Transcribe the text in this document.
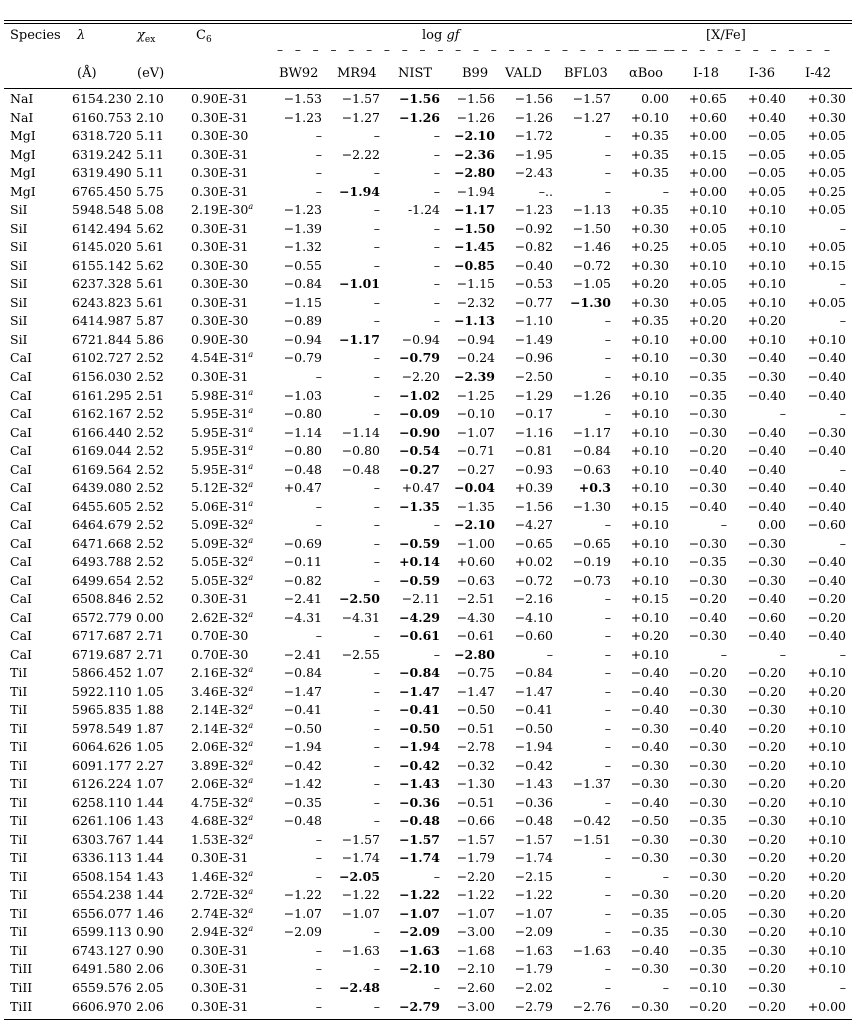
Species λ	$\chi_{ex}$	$C_6$	log gf	[X/Fe]
– – – – – – – – – – – – – – – – – – – – – – –
– – – – – – – – – – – –
(Å)	(eV)	BW92 MR94 NIST B99 VALD BFL03 αBoo I-18 I-36 I-42
NaI	6154.230	2.10	0.90E-31	−1.53	−1.57	−1.56	−1.56	−1.56	−1.57	0.00	+0.65	+0.40	+0.30
NaI	6160.753	2.10	0.30E-31	−1.23	−1.27	−1.26	−1.26	−1.26	−1.27	+0.10	+0.60	+0.40	+0.30
MgI	6318.720	5.11	0.30E-30	–	–	–	−2.10	−1.72	–	+0.35	+0.00	−0.05	+0.05
MgI	6319.242	5.11	0.30E-31	–	−2.22	–	−2.36	−1.95	–	+0.35	+0.15	−0.05	+0.05
MgI	6319.490	5.11	0.30E-31	–	–	–	−2.80	−2.43	–	+0.35	+0.00	−0.05	+0.05
MgI	6765.450	5.75	0.30E-31	–	−1.94	–	−1.94	–..	–	–	+0.00	+0.05	+0.25
SiI	5948.548	5.08	$2.19E-30^a$	−1.23	–	-1.24	−1.17	−1.23	−1.13	+0.35	+0.10	+0.10	+0.05
SiI	6142.494	5.62	0.30E-31	−1.39	–	–	−1.50	−0.92	−1.50	+0.30	+0.05	+0.10	–
SiI	6145.020	5.61	0.30E-31	−1.32	–	–	−1.45	−0.82	−1.46	+0.25	+0.05	+0.10	+0.05
SiI	6155.142	5.62	0.30E-30	−0.55	–	–	−0.85	−0.40	−0.72	+0.30	+0.10	+0.10	+0.15
SiI	6237.328	5.61	0.30E-30	−0.84	−1.01	–	−1.15	−0.53	−1.05	+0.20	+0.05	+0.10	–
SiI	6243.823	5.61	0.30E-31	−1.15	–	–	−2.32	−0.77	−1.30	+0.30	+0.05	+0.10	+0.05
SiI	6414.987	5.87	0.30E-30	−0.89	–	–	−1.13	−1.10	–	+0.35	+0.20	+0.20	–
SiI	6721.844	5.86	0.90E-30	−0.94	−1.17	−0.94	−0.94	−1.49	–	+0.10	+0.00	+0.10	+0.10
CaI	6102.727	2.52	$4.54E-31^a$	−0.79	–	−0.79	−0.24	−0.96	–	+0.10	−0.30	−0.40	−0.40
CaI	6156.030	2.52	0.30E-31	–	–	−2.20	−2.39	−2.50	–	+0.10	−0.35	−0.30	−0.40
CaI	6161.295	2.51	$5.98E-31^a$	−1.03	–	−1.02	−1.25	−1.29	−1.26	+0.10	−0.35	−0.40	−0.40
CaI	6162.167	2.52	$5.95E-31^a$	−0.80	–	−0.09	−0.10	−0.17	–	+0.10	−0.30	–	–
CaI	6166.440	2.52	$5.95E-31^a$	−1.14	−1.14	−0.90	−1.07	−1.16	−1.17	+0.10	−0.30	−0.40	−0.30
CaI	6169.044	2.52	$5.95E-31^a$	−0.80	−0.80	−0.54	−0.71	−0.81	−0.84	+0.10	−0.20	−0.40	−0.40
CaI	6169.564	2.52	$5.95E-31^a$	−0.48	−0.48	−0.27	−0.27	−0.93	−0.63	+0.10	−0.40	−0.40	–
CaI	6439.080	2.52	$5.12E-32^a$	+0.47	–	+0.47	−0.04	+0.39	+0.3	+0.10	−0.30	−0.40	−0.40
CaI	6455.605	2.52	5.06E-31$^a$	–	–	−1.35	−1.35	−1.56	−1.30	+0.15	−0.40	−0.40	−0.40
CaI	6464.679	2.52	5.09E-32$^a$	–	–	–	−2.10	−4.27	–	+0.10	–	0.00	−0.60
CaI	6471.668	2.52	$5.09E-32^a$	−0.69	–	−0.59	−1.00	−0.65	−0.65	+0.10	−0.30	−0.30	–
CaI	6493.788	2.52	$5.05E-32^a$	−0.11	–	+0.14	+0.60	+0.02	−0.19	+0.10	−0.35	−0.30	−0.40
CaI	6499.654	2.52	$5.05E-32^a$	−0.82	–	−0.59	−0.63	−0.72	−0.73	+0.10	−0.30	−0.30	−0.40
CaI	6508.846	2.52	0.30E-31	−2.41	−2.50	−2.11	−2.51	−2.16	–	+0.15	−0.20	−0.40	−0.20
CaI	6572.779	0.00	$2.62E-32^a$	−4.31	−4.31	−4.29	−4.30	−4.10	–	+0.10	−0.40	−0.60	−0.20
CaI	6717.687	2.71	0.70E-30	–	–	−0.61	−0.61	−0.60	–	+0.20	−0.30	−0.40	−0.40
CaI	6719.687	2.71	0.70E-30	−2.41	−2.55	–	−2.80	–	–	+0.10	–	–	–
TiI	5866.452	1.07	$2.16E-32^a$	−0.84	–	−0.84	−0.75	−0.84	–	−0.40	−0.20	−0.20	+0.10
TiI	5922.110	1.05	$3.46E-32^a$	−1.47	–	−1.47	−1.47	−1.47	–	−0.40	−0.30	−0.20	+0.20
TiI	5965.835	1.88	$2.14E-32^a$	−0.41	–	−0.41	−0.50	−0.41	–	−0.40	−0.30	−0.30	+0.10
TiI	5978.549	1.87	$2.14E-32^a$	−0.50	–	−0.50	−0.51	−0.50	–	−0.30	−0.40	−0.20	+0.10
TiI	6064.626	1.05	$2.06E-32^a$	−1.94	–	−1.94	−2.78	−1.94	–	−0.40	−0.30	−0.20	+0.10
TiI	6091.177	2.27	$3.89E-32^a$	−0.42	–	−0.42	−0.32	−0.42	–	−0.30	−0.30	−0.20	+0.10
TiI	6126.224	1.07	$2.06E-32^a$	−1.42	–	−1.43	−1.30	−1.43	−1.37	−0.30	−0.30	−0.20	+0.20
TiI	6258.110	1.44	$4.75E-32^a$	−0.35	–	−0.36	−0.51	−0.36	–	−0.40	−0.30	−0.20	+0.10
TiI	6261.106	1.43	$4.68E-32^a$	−0.48	–	−0.48	−0.66	−0.48	−0.42	−0.50	−0.35	−0.30	+0.10
TiI	6303.767	1.44	1.53E-32$^a$	–	−1.57	−1.57	−1.57	−1.57	−1.51	−0.30	−0.30	−0.20	+0.10
TiI	6336.113	1.44	0.30E-31	–	−1.74	−1.74	−1.79	−1.74	–	−0.30	−0.30	−0.20	+0.20
TiI	6508.154	1.43	1.46E-32$^a$	–	−2.05	–	−2.20	−2.15	–	–	−0.30	−0.20	+0.20
TiI	6554.238	1.44	$2.72E-32^a$	−1.22	−1.22	−1.22	−1.22	−1.22	–	−0.30	−0.20	−0.20	+0.20
TiI	6556.077	1.46	$2.74E-32^a$	−1.07	−1.07	−1.07	−1.07	−1.07	–	−0.35	−0.05	−0.30	+0.20
TiI	6599.113	0.90	$2.94E-32^a$	−2.09	–	−2.09	−3.00	−2.09	–	−0.35	−0.30	−0.20	+0.10
TiI	6743.127	0.90	0.30E-31	–	−1.63	−1.63	−1.68	−1.63	−1.63	−0.40	−0.35	−0.30	+0.10
TiII	6491.580	2.06	0.30E-31	–	–	−2.10	−2.10	−1.79	–	−0.30	−0.30	−0.20	+0.10
TiII	6559.576	2.05	0.30E-31	–	−2.48	–	−2.60	−2.02	–	–	−0.10	−0.30	–
TiII	6606.970	2.06	0.30E-31	–	–	−2.79	−3.00	−2.79	−2.76	−0.30	−0.20	−0.20	+0.00
